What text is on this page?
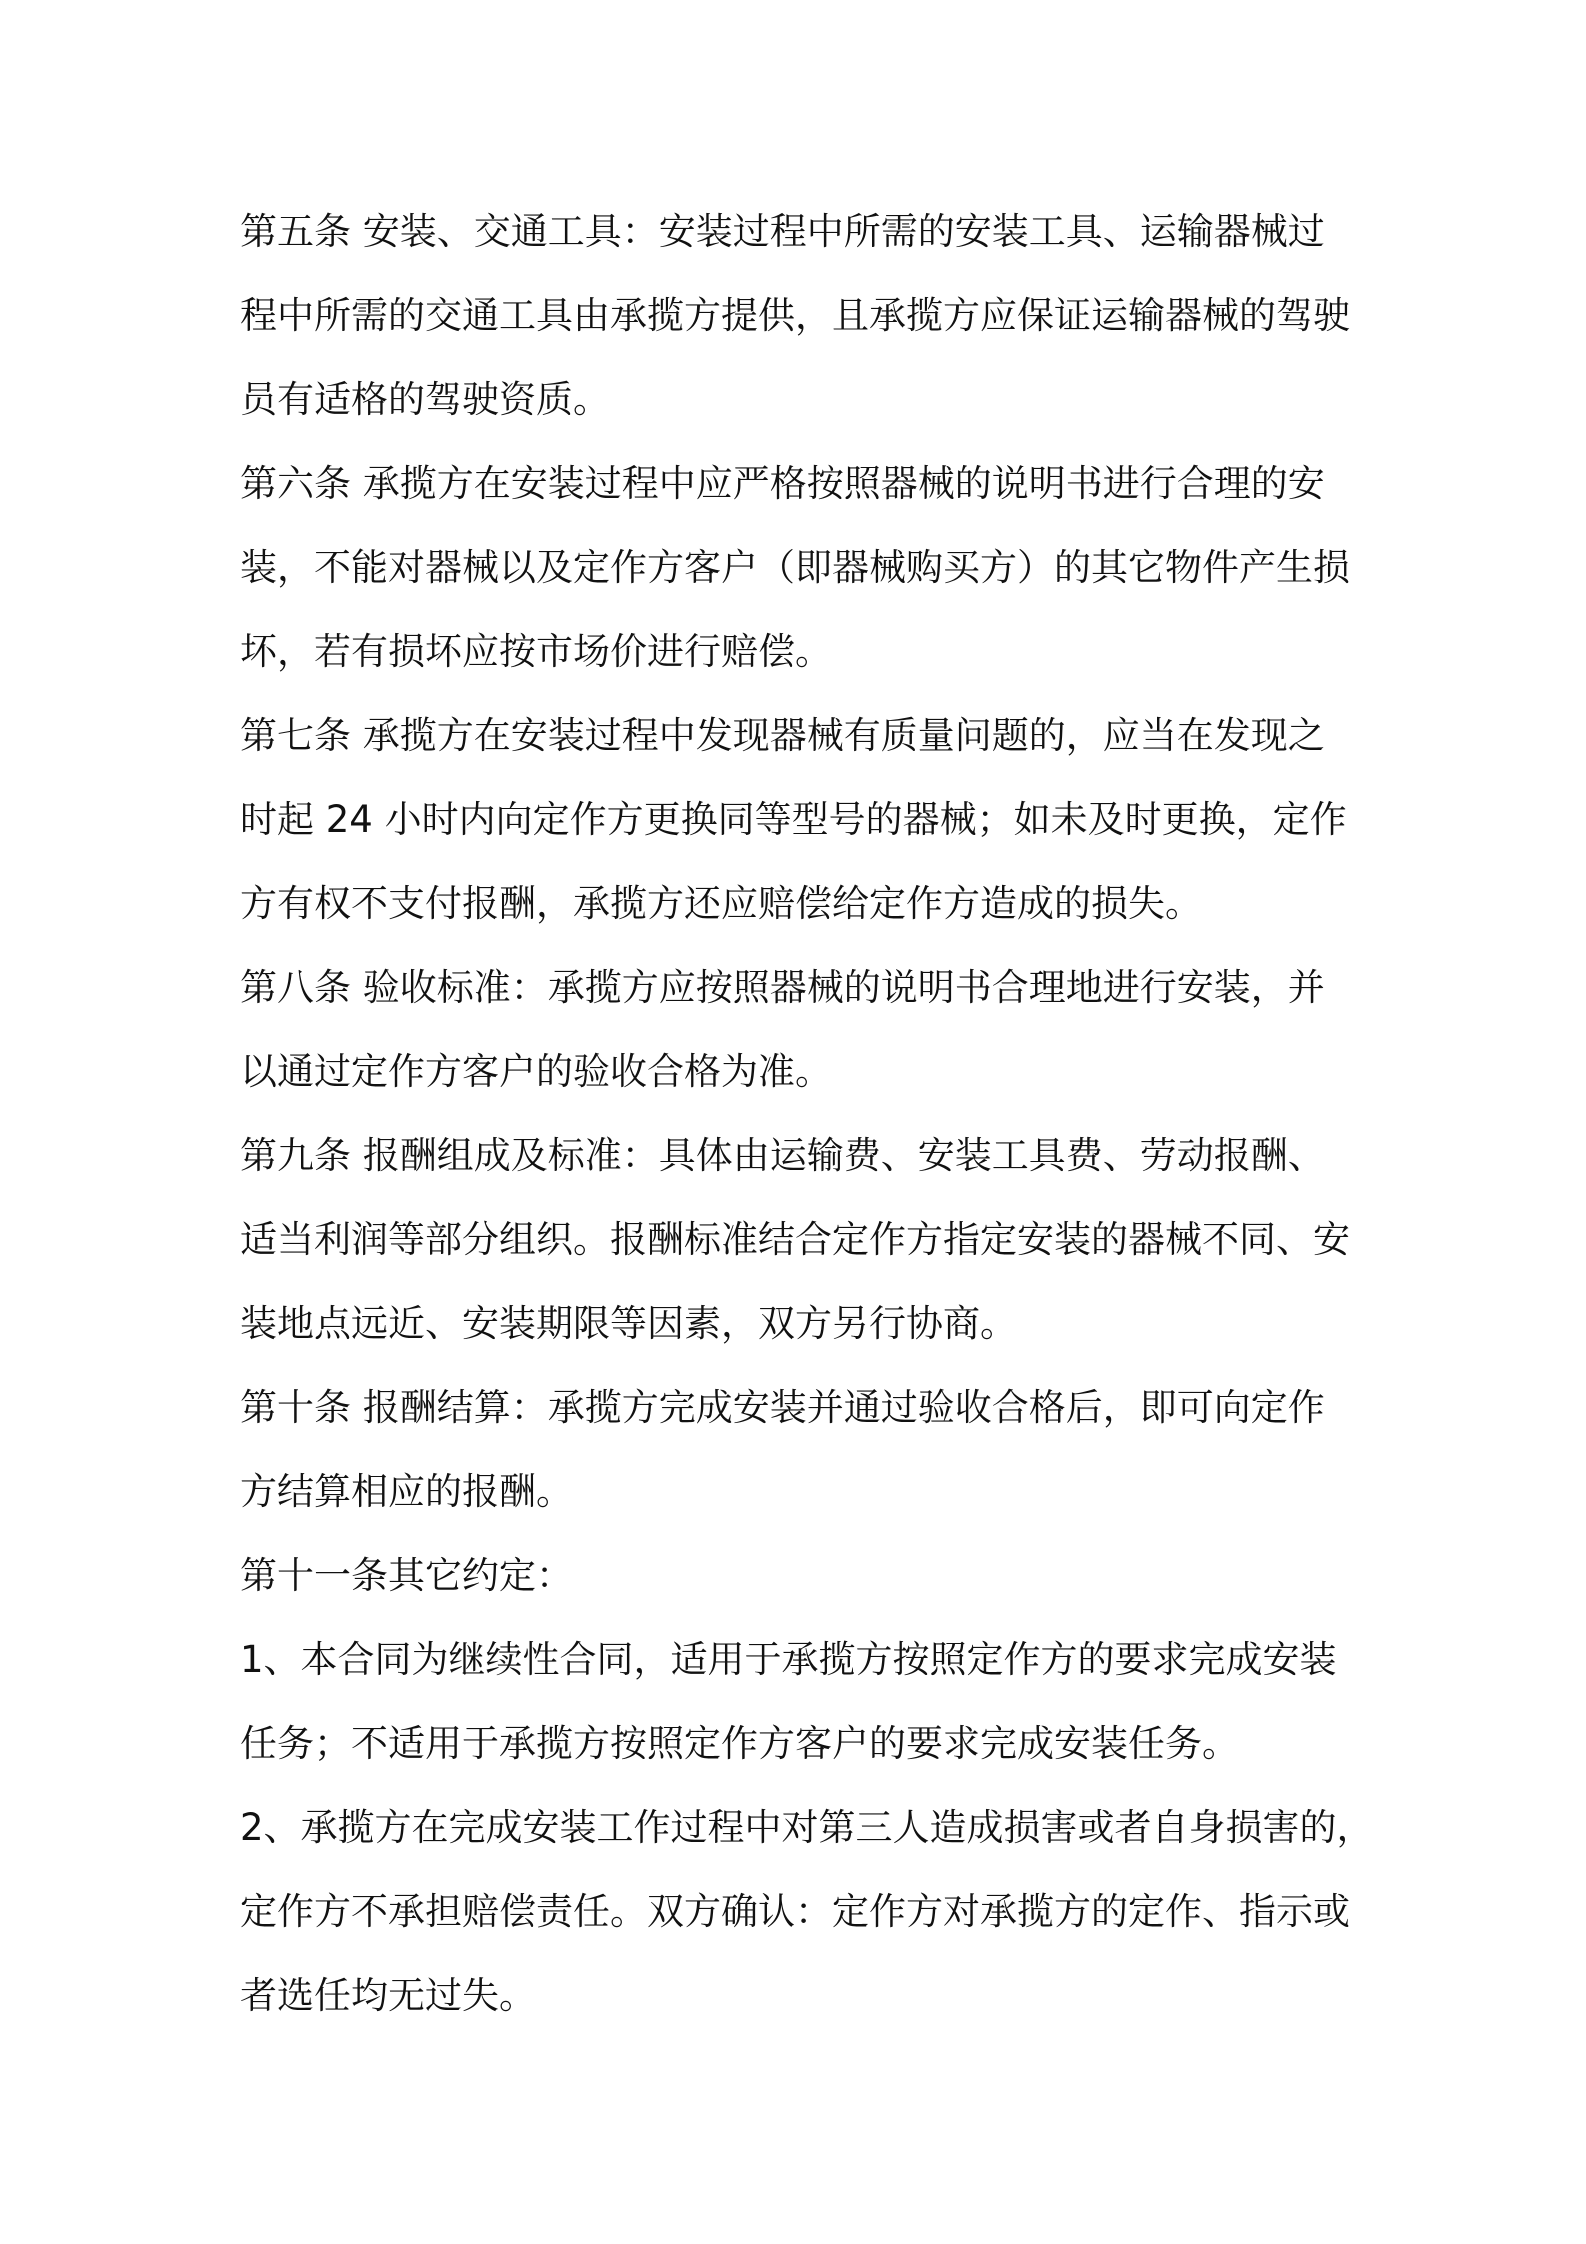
第五条 安装、交通工具：安装过程中所需的安装工具、运输器械过
程中所需的交通工具由承揽方提供，且承揽方应保证运输器械的驾驶
员有适格的驾驶资质。
第六条 承揽方在安装过程中应严格按照器械的说明书进行合理的安
装，不能对器械以及定作方客户（即器械购买方）的其它物件产生损
坏，若有损坏应按市场价进行赔偿。
第七条 承揽方在安装过程中发现器械有质量问题的，应当在发现之
时起 24 小时内向定作方更换同等型号的器械；如未及时更换，定作
方有权不支付报酬，承揽方还应赔偿给定作方造成的损失。
第八条 验收标准：承揽方应按照器械的说明书合理地进行安装，并
以通过定作方客户的验收合格为准。
第九条 报酬组成及标准：具体由运输费、安装工具费、劳动报酬、
适当利润等部分组织。报酬标准结合定作方指定安装的器械不同、安
装地点远近、安装期限等因素，双方另行协商。
第十条 报酬结算：承揽方完成安装并通过验收合格后，即可向定作
方结算相应的报酬。
第十一条其它约定：
1、本合同为继续性合同，适用于承揽方按照定作方的要求完成安装
任务；不适用于承揽方按照定作方客户的要求完成安装任务。
2、承揽方在完成安装工作过程中对第三人造成损害或者自身损害的，
定作方不承担赔偿责任。双方确认：定作方对承揽方的定作、指示或
者选任均无过失。
